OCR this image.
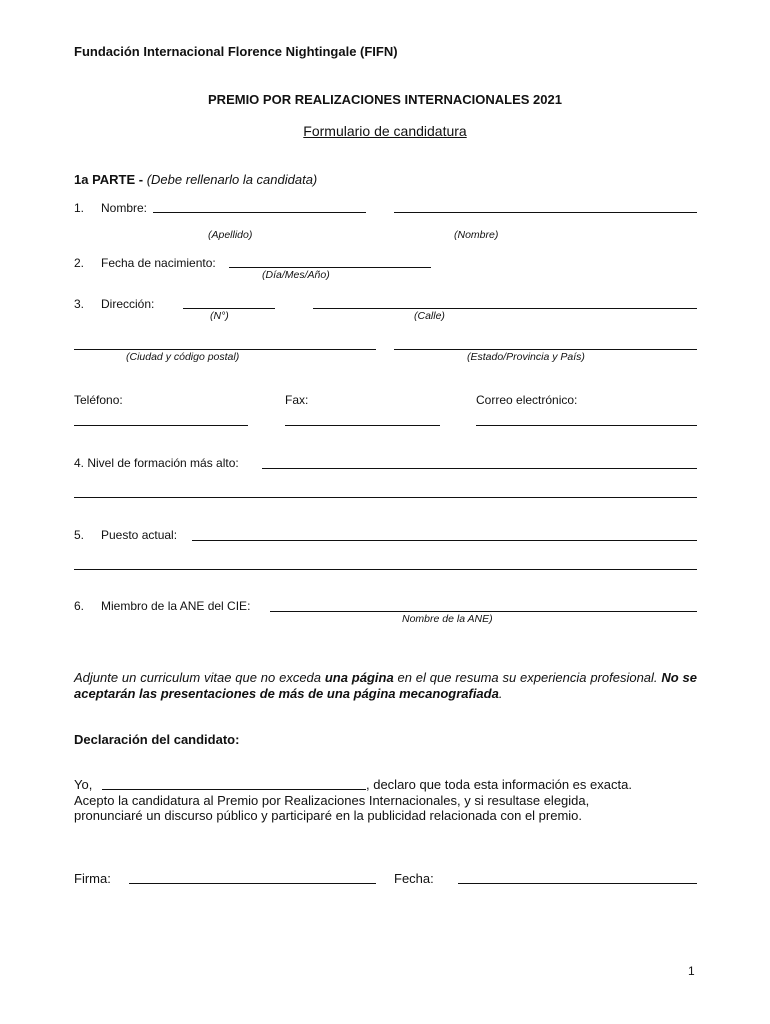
Fundación Internacional Florence Nightingale (FIFN)
PREMIO POR REALIZACIONES INTERNACIONALES 2021
Formulario de candidatura
1a PARTE - (Debe rellenarlo la candidata)
1. Nombre:
(Apellido)	(Nombre)
2. Fecha de nacimiento:
(Día/Mes/Año)
3. Dirección:
(N°)	(Calle)
(Ciudad y código postal)	(Estado/Provincia y País)
Teléfono:	Fax:	Correo electrónico:
4. Nivel de formación más alto:
5. Puesto actual:
6. Miembro de la ANE del CIE:
Nombre de la ANE)
Adjunte un curriculum vitae que no exceda una página en el que resuma su experiencia profesional. No se aceptarán las presentaciones de más de una página mecanografiada.
Declaración del candidato:
Yo,	, declaro que toda esta información es exacta.
Acepto la candidatura al Premio por Realizaciones Internacionales, y si resultase elegida,
pronunciaré un discurso público y participaré en la publicidad relacionada con el premio.
Firma:	Fecha:
1
